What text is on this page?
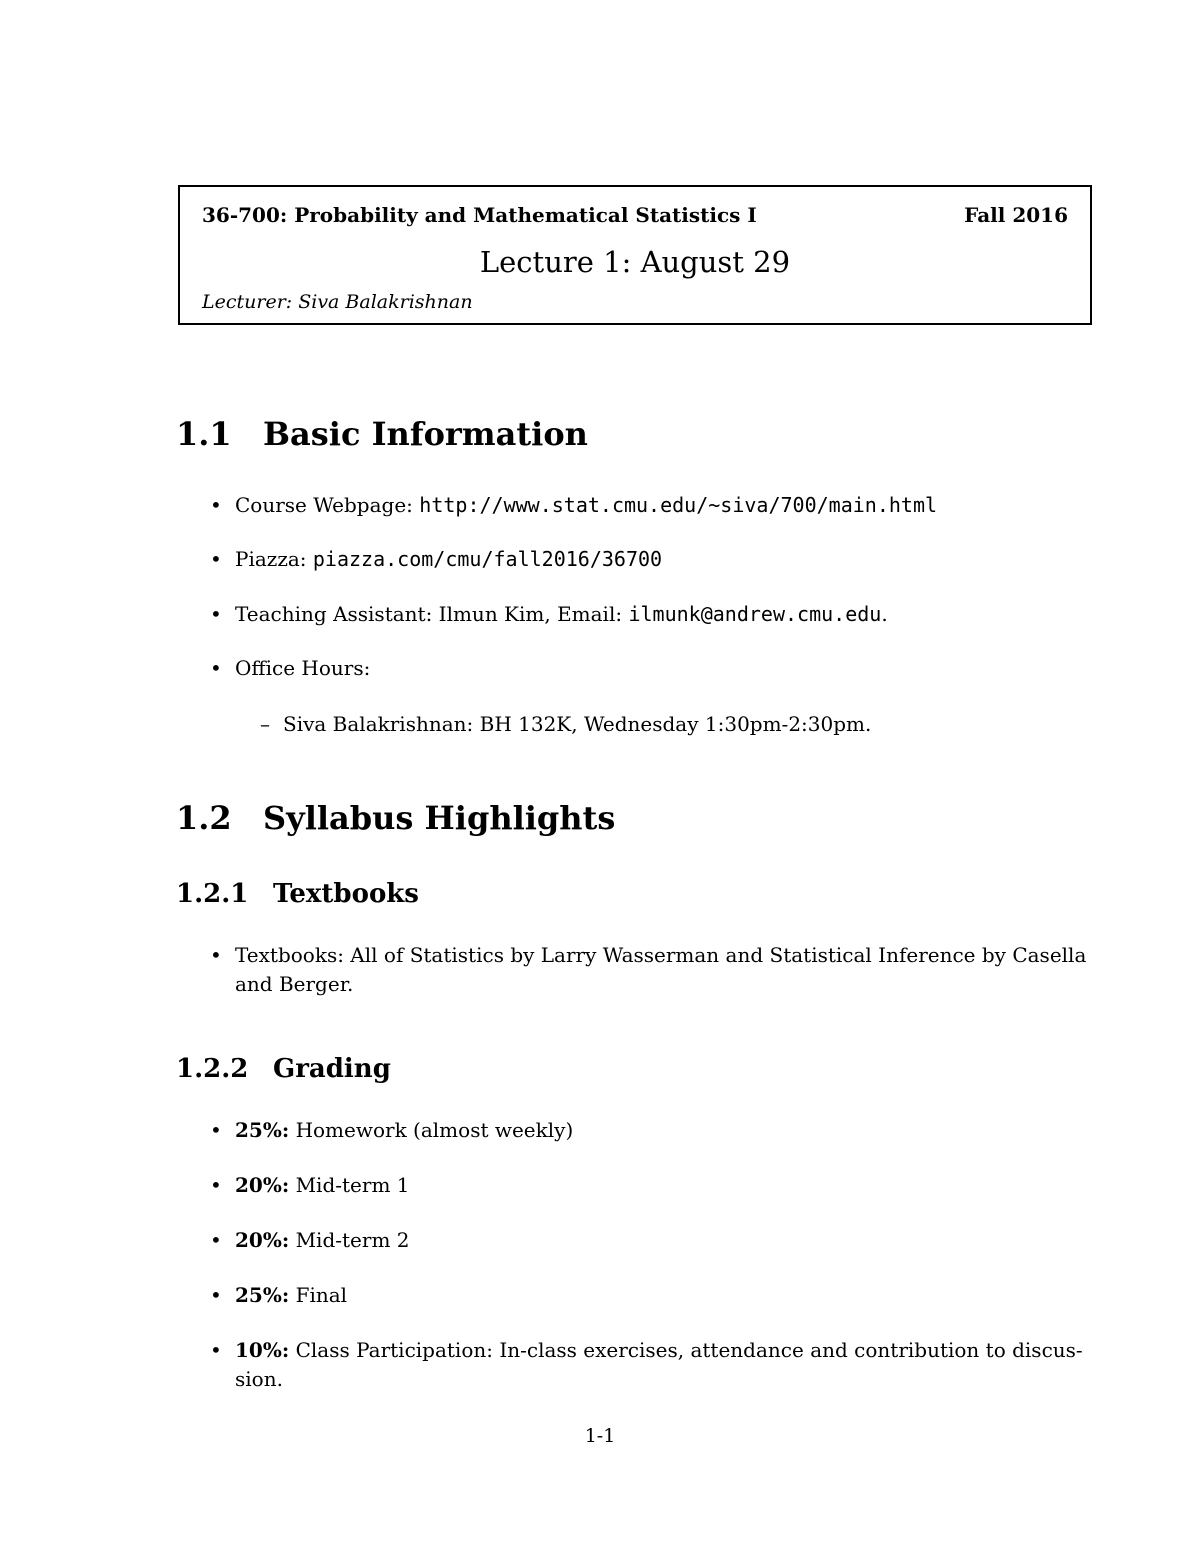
36-700: Probability and Mathematical Statistics I	Fall 2016
Lecture 1: August 29
Lecturer: Siva Balakrishnan
1.1 Basic Information
• Course Webpage: http://www.stat.cmu.edu/~siva/700/main.html
• Piazza: piazza.com/cmu/fall2016/36700
• Teaching Assistant: Ilmun Kim, Email: ilmunk@andrew.cmu.edu.
• Office Hours:
– Siva Balakrishnan: BH 132K, Wednesday 1:30pm-2:30pm.
1.2 Syllabus Highlights
1.2.1 Textbooks
• Textbooks: All of Statistics by Larry Wasserman and Statistical Inference by Casella and Berger.
1.2.2 Grading
• 25%: Homework (almost weekly)
• 20%: Mid-term 1
• 20%: Mid-term 2
• 25%: Final
• 10%: Class Participation: In-class exercises, attendance and contribution to discus-sion.
1-1
